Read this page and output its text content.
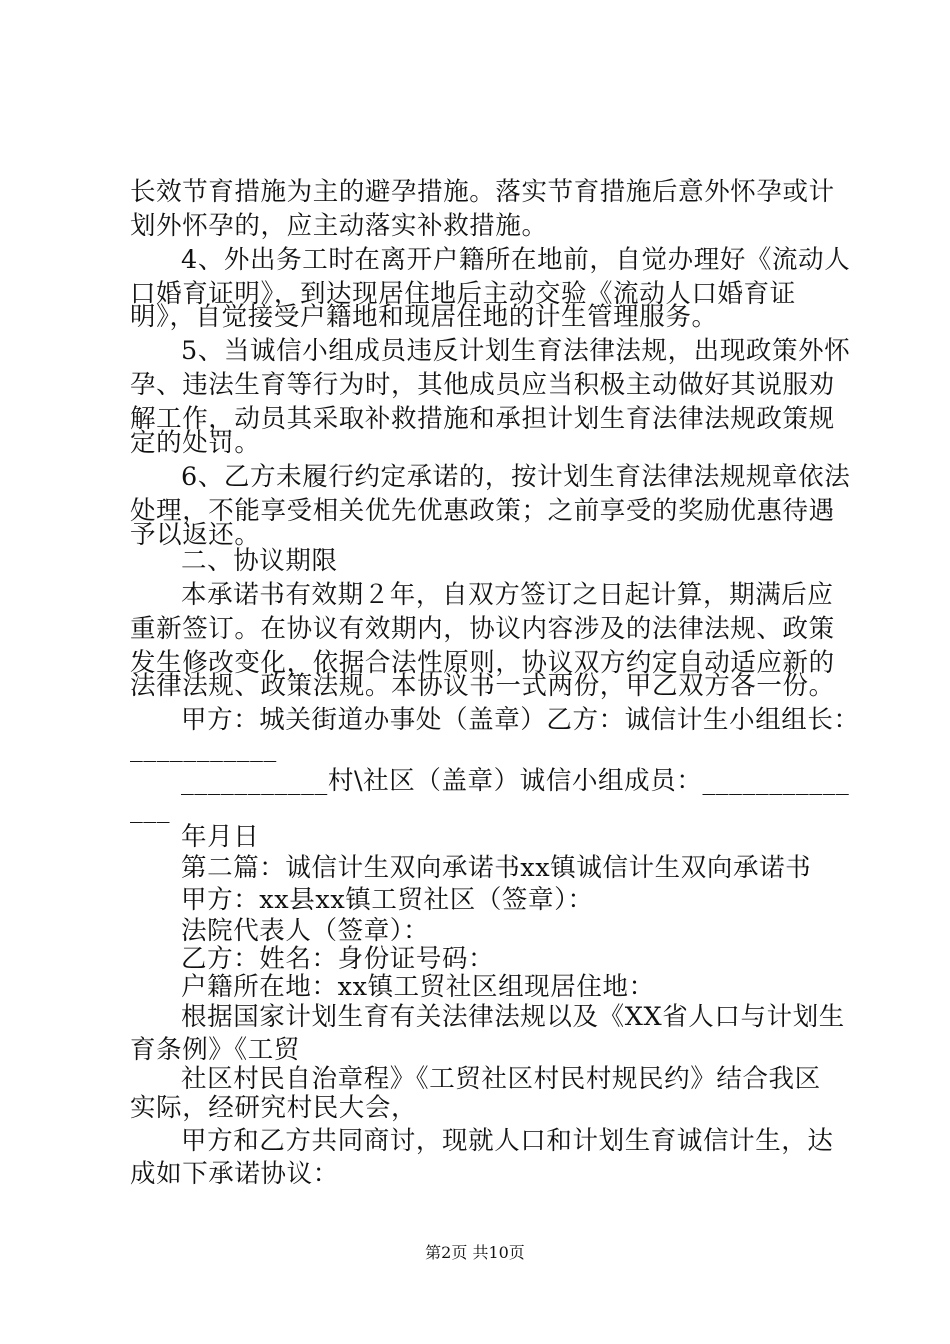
长效节育措施为主的避孕措施。落实节育措施后意外怀孕或计
划外怀孕的，应主动落实补救措施。
4、外出务工时在离开户籍所在地前，自觉办理好《流动人
口婚育证明》，到达现居住地后主动交验《流动人口婚育证
明》，自觉接受户籍地和现居住地的计生管理服务。
5、当诚信小组成员违反计划生育法律法规，出现政策外怀
孕、违法生育等行为时，其他成员应当积极主动做好其说服劝
解工作，动员其采取补救措施和承担计划生育法律法规政策规
定的处罚。
6、乙方未履行约定承诺的，按计划生育法律法规规章依法
处理，不能享受相关优先优惠政策；之前享受的奖励优惠待遇
予以返还。
二、协议期限
本承诺书有效期２年，自双方签订之日起计算，期满后应
重新签订。在协议有效期内，协议内容涉及的法律法规、政策
发生修改变化，依据合法性原则，协议双方约定自动适应新的
法律法规、政策法规。本协议书一式两份，甲乙双方各一份。
甲方：城关街道办事处（盖章）乙方：诚信计生小组组长：
___________
___________村\社区（盖章）诚信小组成员：___________
___
年月日
第二篇：诚信计生双向承诺书xx镇诚信计生双向承诺书
甲方：xx县xx镇工贸社区（签章）：
法院代表人（签章）：
乙方：姓名：身份证号码：
户籍所在地：xx镇工贸社区组现居住地：
根据国家计划生育有关法律法规以及《XX省人口与计划生
育条例》《工贸
社区村民自治章程》《工贸社区村民村规民约》结合我区
实际，经研究村民大会，
甲方和乙方共同商讨，现就人口和计划生育诚信计生，达
成如下承诺协议：
第2页 共10页
